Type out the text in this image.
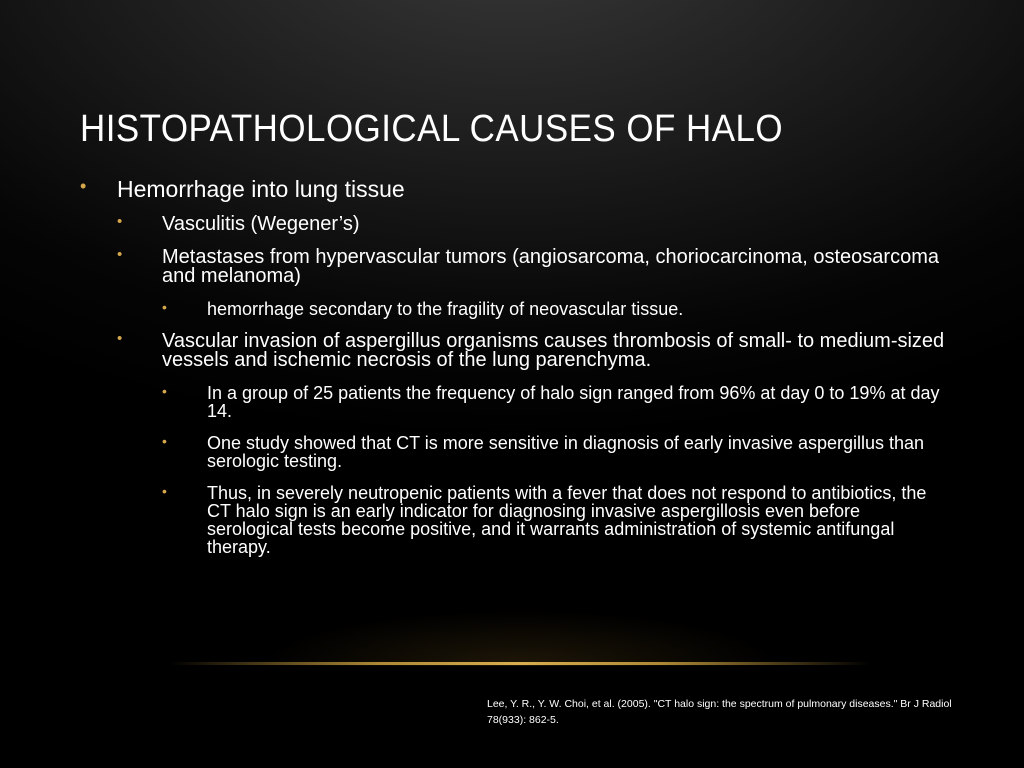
HISTOPATHOLOGICAL CAUSES OF HALO
• Hemorrhage into lung tissue
• Vasculitis (Wegener’s)
• Metastases from hypervascular tumors (angiosarcoma, choriocarcinoma, osteosarcoma and melanoma)
• hemorrhage secondary to the fragility of neovascular tissue.
• Vascular invasion of aspergillus organisms causes thrombosis of small- to medium-sized vessels and ischemic necrosis of the lung parenchyma.
• In a group of 25 patients the frequency of halo sign ranged from 96% at day 0 to 19% at day 14.
• One study showed that CT is more sensitive in diagnosis of early invasive aspergillus than serologic testing.
• Thus, in severely neutropenic patients with a fever that does not respond to antibiotics, the CT halo sign is an early indicator for diagnosing invasive aspergillosis even before serological tests become positive, and it warrants administration of systemic antifungal therapy.
Lee, Y. R., Y. W. Choi, et al. (2005). "CT halo sign: the spectrum of pulmonary diseases." Br J Radiol 78(933): 862-5.
